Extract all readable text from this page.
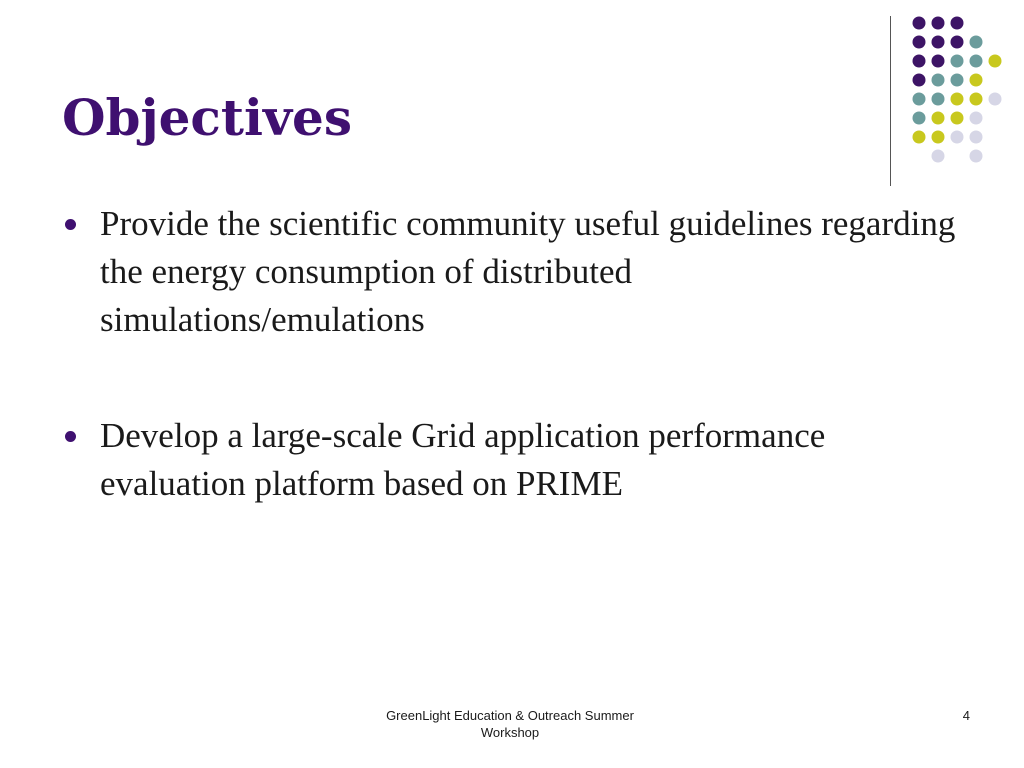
Objectives
Provide the scientific community useful guidelines regarding the energy consumption of distributed simulations/emulations
Develop a large-scale Grid application performance evaluation platform based on PRIME
GreenLight Education & Outreach Summer Workshop
4
